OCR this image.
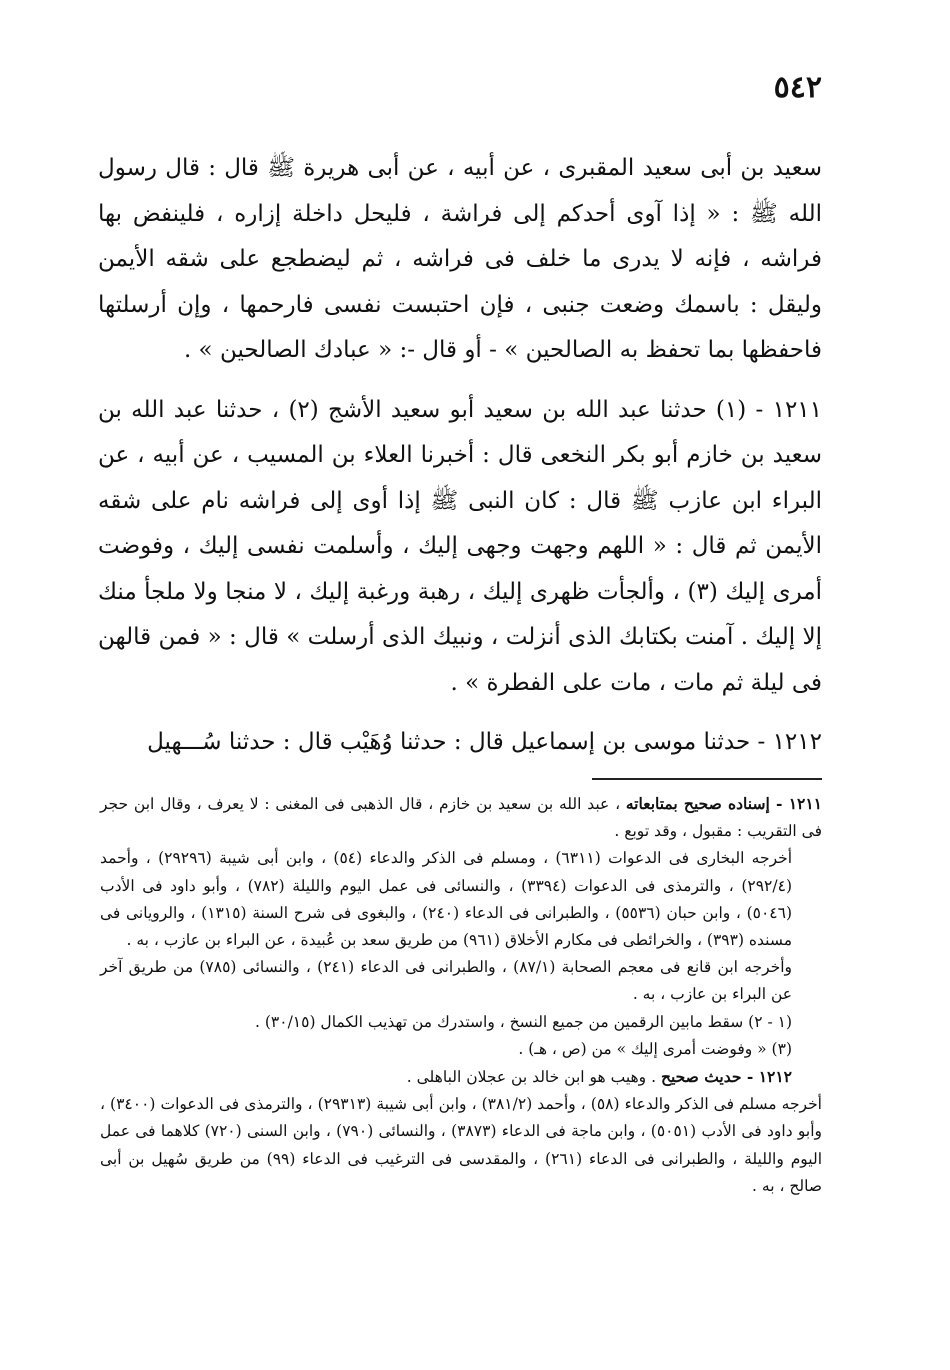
٥٤٢

سعيد بن أبى سعيد المقبرى ، عن أبيه ، عن أبى هريرة ﷺ قال : قال رسول الله ﷺ : « إذا آوى أحدكم إلى فراشة ، فليحل داخلة إزاره ، فلينفض بها فراشه ، فإنه لا يدرى ما خلف فى فراشه ، ثم ليضطجع على شقه الأيمن وليقل : باسمك وضعت جنبى ، فإن احتبست نفسى فارحمها ، وإن أرسلتها فاحفظها بما تحفظ به الصالحين » - أو قال -: « عبادك الصالحين » .

١٢١١ - (١) حدثنا عبد الله بن سعيد أبو سعيد الأشج (٢) ، حدثنا عبد الله بن سعيد بن خازم أبو بكر النخعى قال : أخبرنا العلاء بن المسيب ، عن أبيه ، عن البراء ابن عازب ﷺ قال : كان النبى ﷺ إذا أوى إلى فراشه نام على شقه الأيمن ثم قال : « اللهم وجهت وجهى إليك ، وأسلمت نفسى إليك ، وفوضت أمرى إليك (٣) ، وألجأت ظهرى إليك ، رهبة ورغبة إليك ، لا منجا ولا ملجأ منك إلا إليك . آمنت بكتابك الذى أنزلت ، ونبيك الذى أرسلت » قال : « فمن قالهن فى ليلة ثم مات ، مات على الفطرة » .

١٢١٢ - حدثنا موسى بن إسماعيل قال : حدثنا وُهَيْب قال : حدثنا سُـــهيل

١٢١١ - إسناده صحيح بمتابعاته ، عبد الله بن سعيد بن خازم ، قال الذهبى فى المغنى : لا يعرف ، وقال ابن حجر فى التقريب : مقبول ، وقد توبع .

أخرجه البخارى فى الدعوات (٦٣١١) ، ومسلم فى الذكر والدعاء (٥٤) ، وابن أبى شيبة (٢٩٢٩٦) ، وأحمد (٢٩٢/٤) ، والترمذى فى الدعوات (٣٣٩٤) ، والنسائى فى عمل اليوم والليلة (٧٨٢) ، وأبو داود فى الأدب (٥٠٤٦) ، وابن حبان (٥٥٣٦) ، والطبرانى فى الدعاء (٢٤٠) ، والبغوى فى شرح السنة (١٣١٥) ، والرويانى فى مسنده (٣٩٣) ، والخرائطى فى مكارم الأخلاق (٩٦١) من طريق سعد بن عُبيدة ، عن البراء بن عازب ، به .

وأخرجه ابن قانع فى معجم الصحابة (٨٧/١) ، والطبرانى فى الدعاء (٢٤١) ، والنسائى (٧٨٥) من طريق آخر عن البراء بن عازب ، به .

(١ - ٢) سقط مابين الرقمين من جميع النسخ ، واستدرك من تهذيب الكمال (٣٠/١٥) .

(٣) « وفوضت أمرى إليك » من (ص ، هـ) .

١٢١٢ - حديث صحيح . وهيب هو ابن خالد بن عجلان الباهلى .

أخرجه مسلم فى الذكر والدعاء (٥٨) ، وأحمد (٣٨١/٢) ، وابن أبى شيبة (٢٩٣١٣) ، والترمذى فى الدعوات (٣٤٠٠) ، وأبو داود فى الأدب (٥٠٥١) ، وابن ماجة فى الدعاء (٣٨٧٣) ، والنسائى (٧٩٠) ، وابن السنى (٧٢٠) كلاهما فى عمل اليوم والليلة ، والطبرانى فى الدعاء (٢٦١) ، والمقدسى فى الترغيب فى الدعاء (٩٩) من طريق سُهيل بن أبى صالح ، به .
